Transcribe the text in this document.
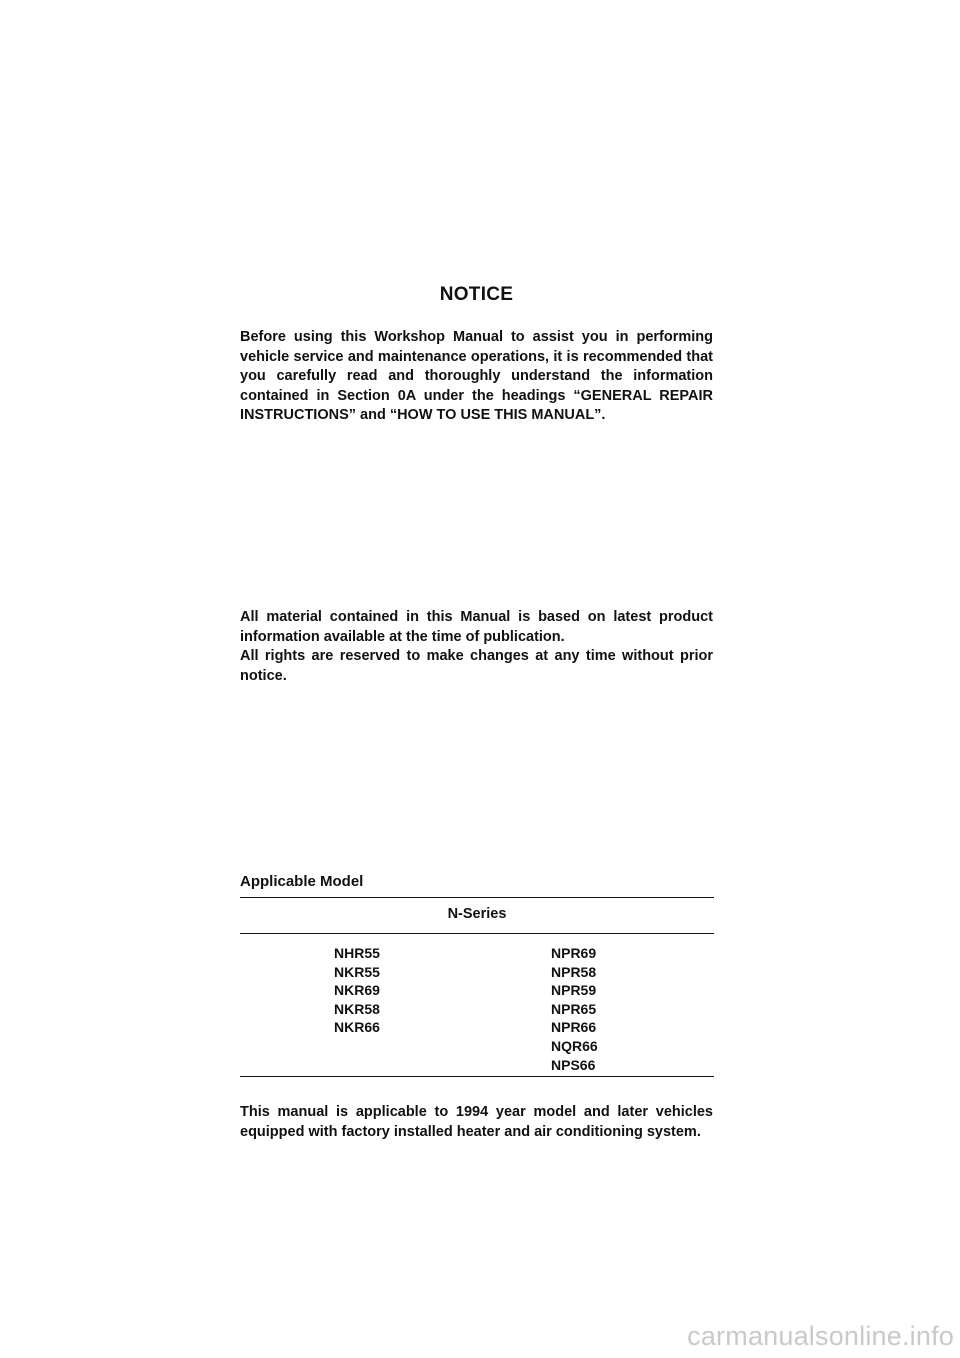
NOTICE

Before using this Workshop Manual to assist you in performing vehicle service and maintenance operations, it is recommended that you carefully read and thoroughly understand the information contained in Section 0A under the headings “GENERAL REPAIR INSTRUCTIONS” and “HOW TO USE THIS MANUAL”.

All material contained in this Manual is based on latest product information available at the time of publication.

All rights are reserved to make changes at any time without prior notice.

Applicable Model
N-Series
NHR55
NKR55
NKR69
NKR58
NKR66
NPR69
NPR58
NPR59
NPR65
NPR66
NQR66
NPS66

This manual is applicable to 1994 year model and later vehicles equipped with factory installed heater and air conditioning system.

carmanualsonline.info
